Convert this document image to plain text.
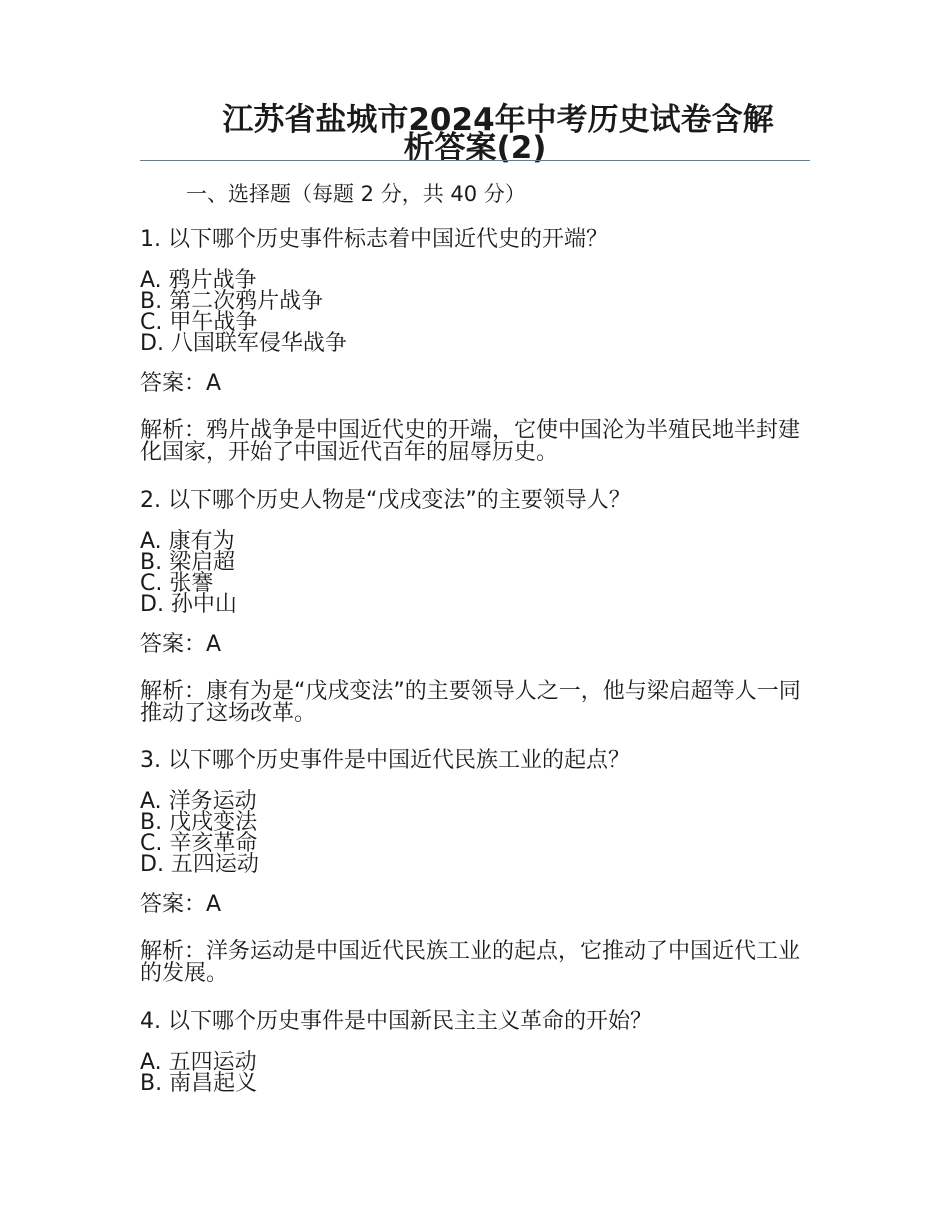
江苏省盐城市2024年中考历史试卷含解
析答案(2)

一、选择题（每题 2 分，共 40 分）

1. 以下哪个历史事件标志着中国近代史的开端？

A. 鸦片战争

B. 第二次鸦片战争

C. 甲午战争

D. 八国联军侵华战争

答案：A

解析：鸦片战争是中国近代史的开端，它使中国沦为半殖民地半封建化国家，开始了中国近代百年的屈辱历史。

2. 以下哪个历史人物是“戊戌变法”的主要领导人？

A. 康有为

B. 梁启超

C. 张謇

D. 孙中山

答案：A

解析：康有为是“戊戌变法”的主要领导人之一，他与梁启超等人一同推动了这场改革。

3. 以下哪个历史事件是中国近代民族工业的起点？

A. 洋务运动

B. 戊戌变法

C. 辛亥革命

D. 五四运动

答案：A

解析：洋务运动是中国近代民族工业的起点，它推动了中国近代工业的发展。

4. 以下哪个历史事件是中国新民主主义革命的开始？

A. 五四运动

B. 南昌起义
